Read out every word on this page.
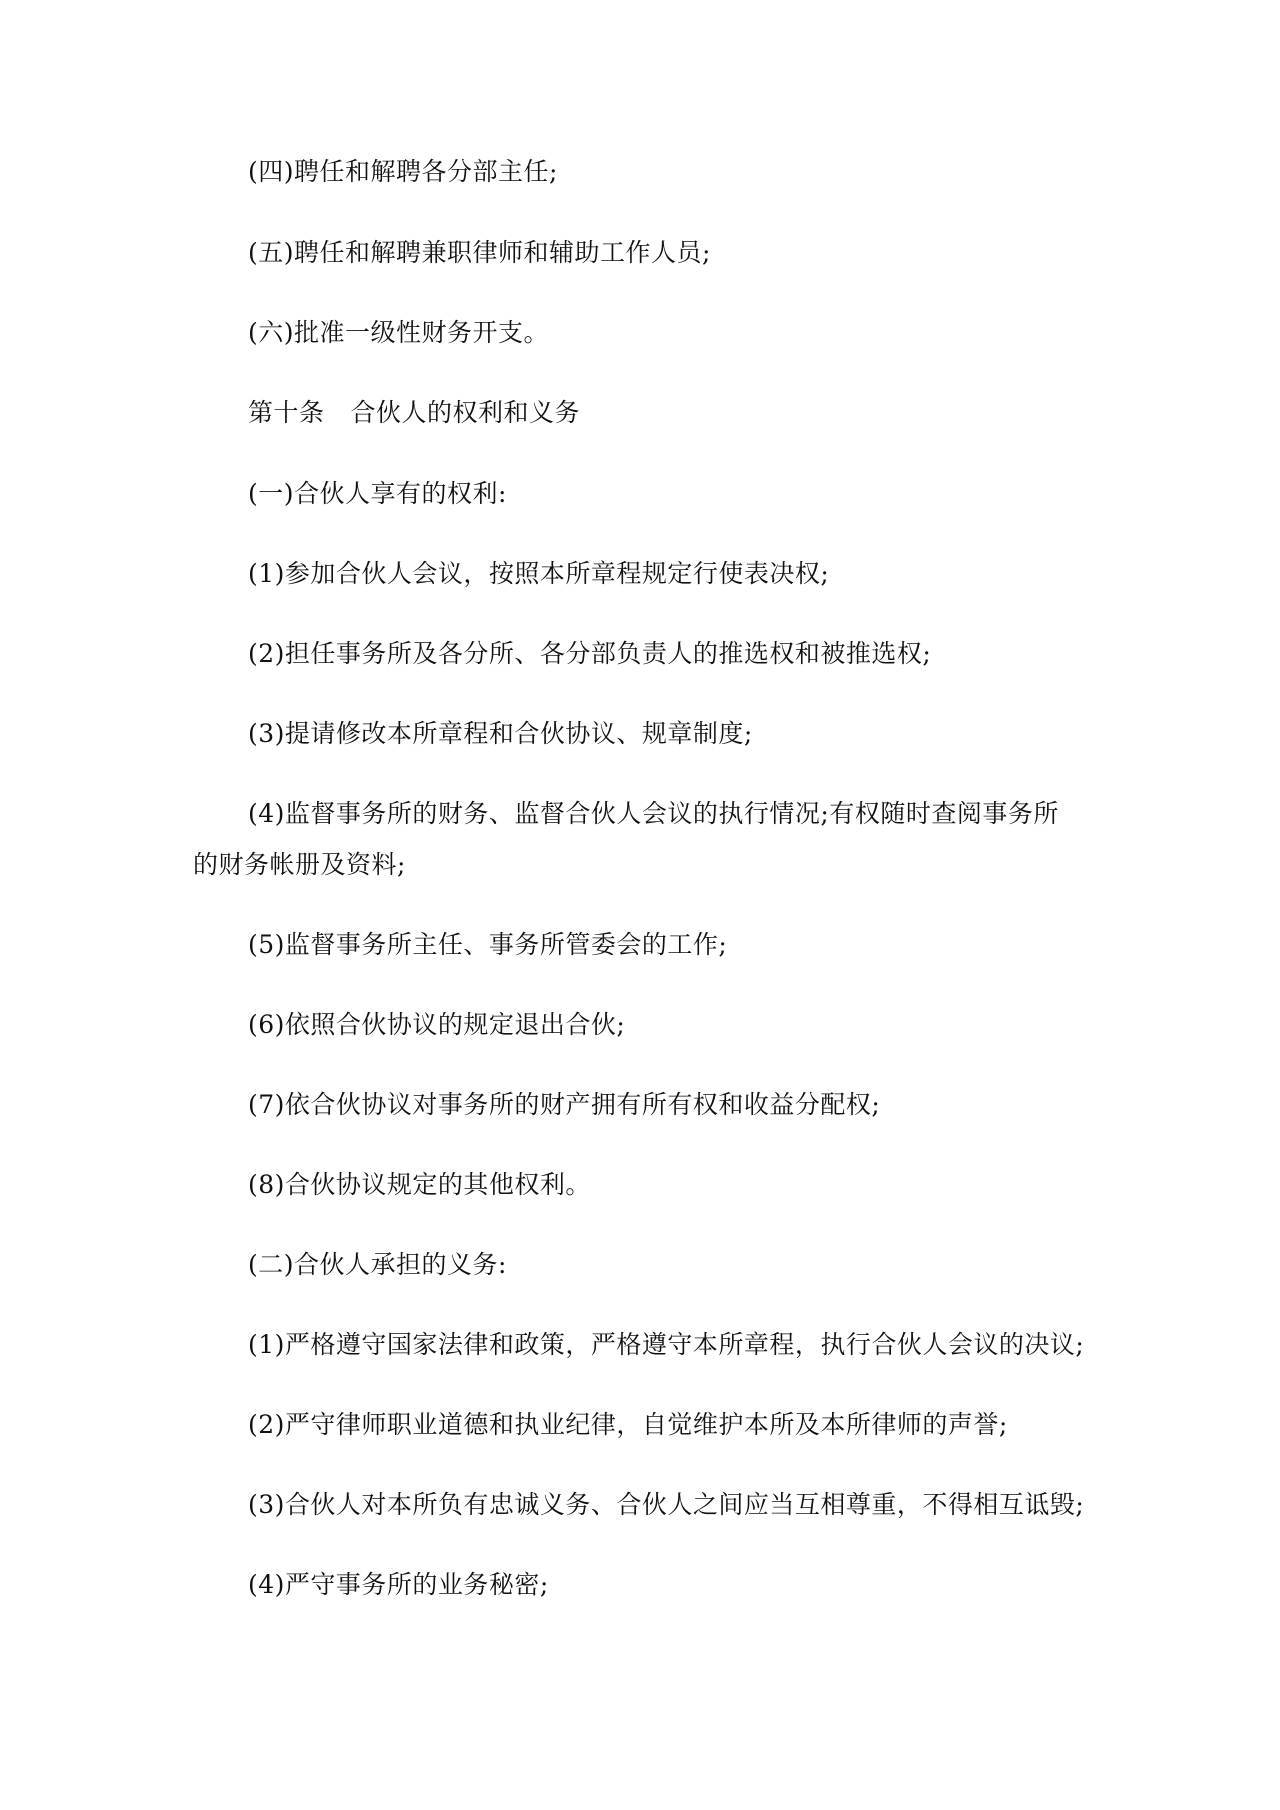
(四)聘任和解聘各分部主任;
(五)聘任和解聘兼职律师和辅助工作人员;
(六)批准一级性财务开支。
第十条 合伙人的权利和义务
(一)合伙人享有的权利:
(1)参加合伙人会议，按照本所章程规定行使表决权;
(2)担任事务所及各分所、各分部负责人的推选权和被推选权;
(3)提请修改本所章程和合伙协议、规章制度;
(4)监督事务所的财务、监督合伙人会议的执行情况;有权随时查阅事务所
的财务帐册及资料;
(5)监督事务所主任、事务所管委会的工作;
(6)依照合伙协议的规定退出合伙;
(7)依合伙协议对事务所的财产拥有所有权和收益分配权;
(8)合伙协议规定的其他权利。
(二)合伙人承担的义务:
(1)严格遵守国家法律和政策，严格遵守本所章程，执行合伙人会议的决议;
(2)严守律师职业道德和执业纪律，自觉维护本所及本所律师的声誉;
(3)合伙人对本所负有忠诚义务、合伙人之间应当互相尊重，不得相互诋毁;
(4)严守事务所的业务秘密;
